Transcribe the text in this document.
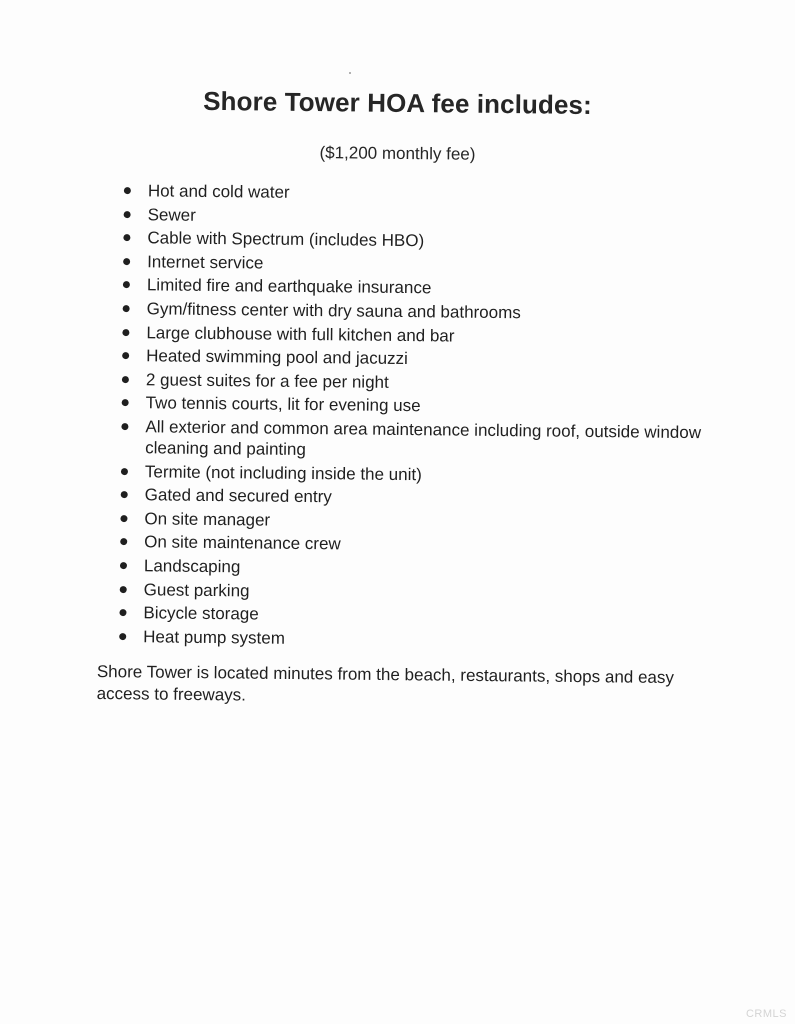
Shore Tower HOA fee includes:

($1,200 monthly fee)

Hot and cold water
Sewer
Cable with Spectrum (includes HBO)
Internet service
Limited fire and earthquake insurance
Gym/fitness center with dry sauna and bathrooms
Large clubhouse with full kitchen and bar
Heated swimming pool and jacuzzi
2 guest suites for a fee per night
Two tennis courts, lit for evening use
All exterior and common area maintenance including roof, outside window cleaning and painting
Termite (not including inside the unit)
Gated and secured entry
On site manager
On site maintenance crew
Landscaping
Guest parking
Bicycle storage
Heat pump system

Shore Tower is located minutes from the beach, restaurants, shops and easy access to freeways.

CRMLS
